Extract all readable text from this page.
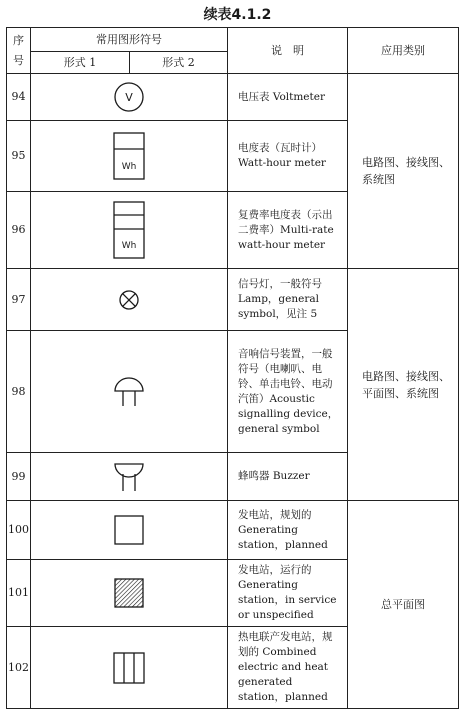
续表4.1.2
序号	常用图形符号		说　明	应用类别
	形式 1	形式 2		
94	V		电压表 Voltmeter	电路图、接线图、系统图
95	Wh		电度表（瓦时计）Watt-hour meter	
96	Wh		复费率电度表（示出二费率）Multi-rate watt-hour meter	
97			信号灯，一般符号 Lamp，general symbol，见注 5	电路图、接线图、平面图、系统图
98			音响信号装置，一般符号（电喇叭、电铃、单击电铃、电动汽笛）Acoustic signalling device，general symbol	
99			蜂鸣器 Buzzer	
100			发电站，规划的 Generating station，planned	总平面图

101			发电站，运行的 Generating station，in service or unspecified	
102			热电联产发电站，规划的 Combined electric and heat generated station，planned	
